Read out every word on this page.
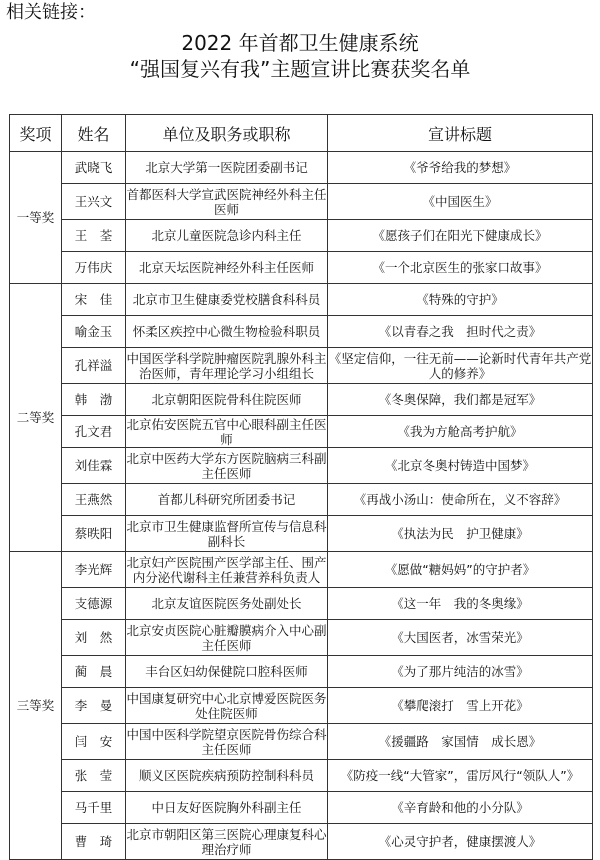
相关链接：
2022 年首都卫生健康系统
“强国复兴有我”主题宣讲比赛获奖名单
奖项	姓名	单位及职务或职称	宣讲标题
一等奖	武晓飞	北京大学第一医院团委副书记	《爷爷给我的梦想》
	王兴文	首都医科大学宣武医院神经外科主任医师	《中国医生》
	王　荃	北京儿童医院急诊内科主任	《愿孩子们在阳光下健康成长》
	万伟庆	北京天坛医院神经外科主任医师	《一个北京医生的张家口故事》
二等奖	宋　佳	北京市卫生健康委党校膳食科科员	《特殊的守护》
	喻金玉	怀柔区疾控中心微生物检验科职员	《以青春之我　担时代之责》
	孔祥溢	中国医学科学院肿瘤医院乳腺外科主治医师，青年理论学习小组组长	《坚定信仰，一往无前——论新时代青年共产党人的修养》
	韩　渤	北京朝阳医院骨科住院医师	《冬奥保障，我们都是冠军》
	孔文君	北京佑安医院五官中心眼科副主任医师	《我为方舱高考护航》
	刘佳霖	北京中医药大学东方医院脑病三科副主任医师	《北京冬奥村铸造中国梦》
	王燕然	首都儿科研究所团委书记	《再战小汤山：使命所在，义不容辞》
	蔡昳阳	北京市卫生健康监督所宣传与信息科副科长	《执法为民　护卫健康》
三等奖	李光辉	北京妇产医院围产医学部主任、围产内分泌代谢科主任兼营养科负责人	《愿做“糖妈妈”的守护者》
	支德源	北京友谊医院医务处副处长	《这一年　我的冬奥缘》
	刘　然	北京安贞医院心脏瓣膜病介入中心副主任医师	《大国医者，冰雪荣光》
	蔺　晨	丰台区妇幼保健院口腔科医师	《为了那片纯洁的冰雪》
	李　曼	中国康复研究中心北京博爱医院医务处住院医师	《攀爬滚打　雪上开花》
	闫　安	中国中医科学院望京医院骨伤综合科主任医师	《援疆路　家国情　成长恩》
	张　莹	顺义区医院疾病预防控制科科员	《防疫一线“大管家”，雷厉风行“领队人”》
	马千里	中日友好医院胸外科副主任	《辛育龄和他的小分队》
	曹　琦	北京市朝阳区第三医院心理康复科心理治疗师	《心灵守护者，健康摆渡人》
